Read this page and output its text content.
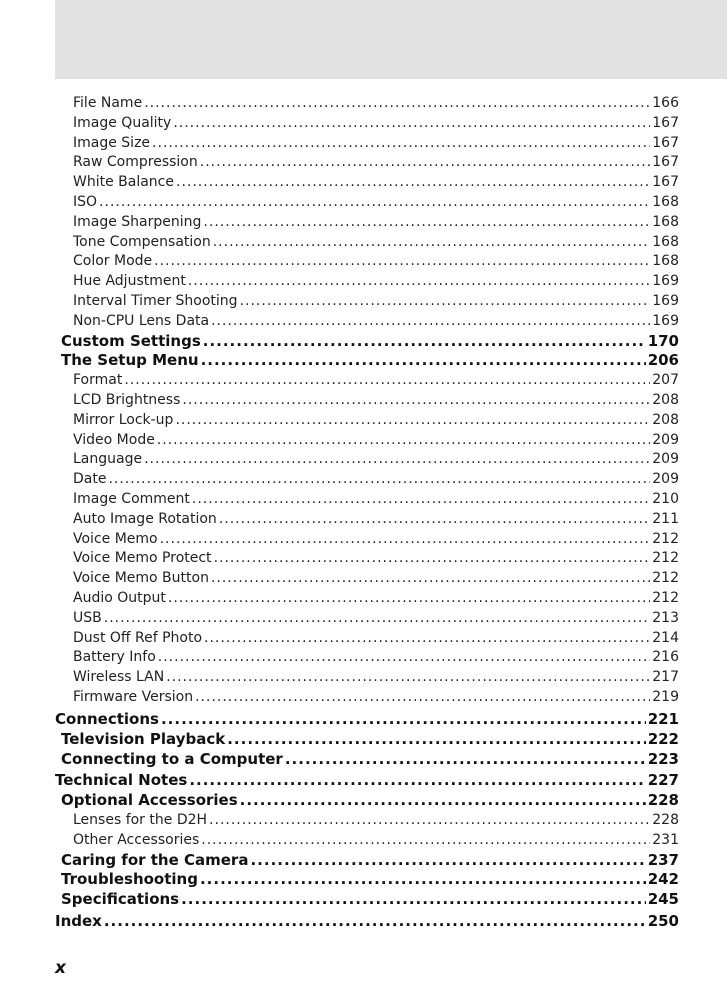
File Name .....	166
Image Quality .....	167
Image Size .....	167
Raw Compression .....	167
White Balance .....	167
ISO .....	168
Image Sharpening .....	168
Tone Compensation .....	168
Color Mode .....	168
Hue Adjustment .....	169
Interval Timer Shooting .....	169
Non-CPU Lens Data .....	169
Custom Settings .....	170
The Setup Menu .....	206
Format .....	207
LCD Brightness .....	208
Mirror Lock-up .....	208
Video Mode .....	209
Language .....	209
Date .....	209
Image Comment .....	210
Auto Image Rotation .....	211
Voice Memo .....	212
Voice Memo Protect .....	212
Voice Memo Button .....	212
Audio Output .....	212
USB .....	213
Dust Off Ref Photo .....	214
Battery Info .....	216
Wireless LAN .....	217
Firmware Version .....	219
Connections .....	221
Television Playback .....	222
Connecting to a Computer .....	223
Technical Notes .....	227
Optional Accessories .....	228
Lenses for the D2H .....	228
Other Accessories .....	231
Caring for the Camera .....	237
Troubleshooting .....	242
Specifications .....	245
Index .....	250
x
